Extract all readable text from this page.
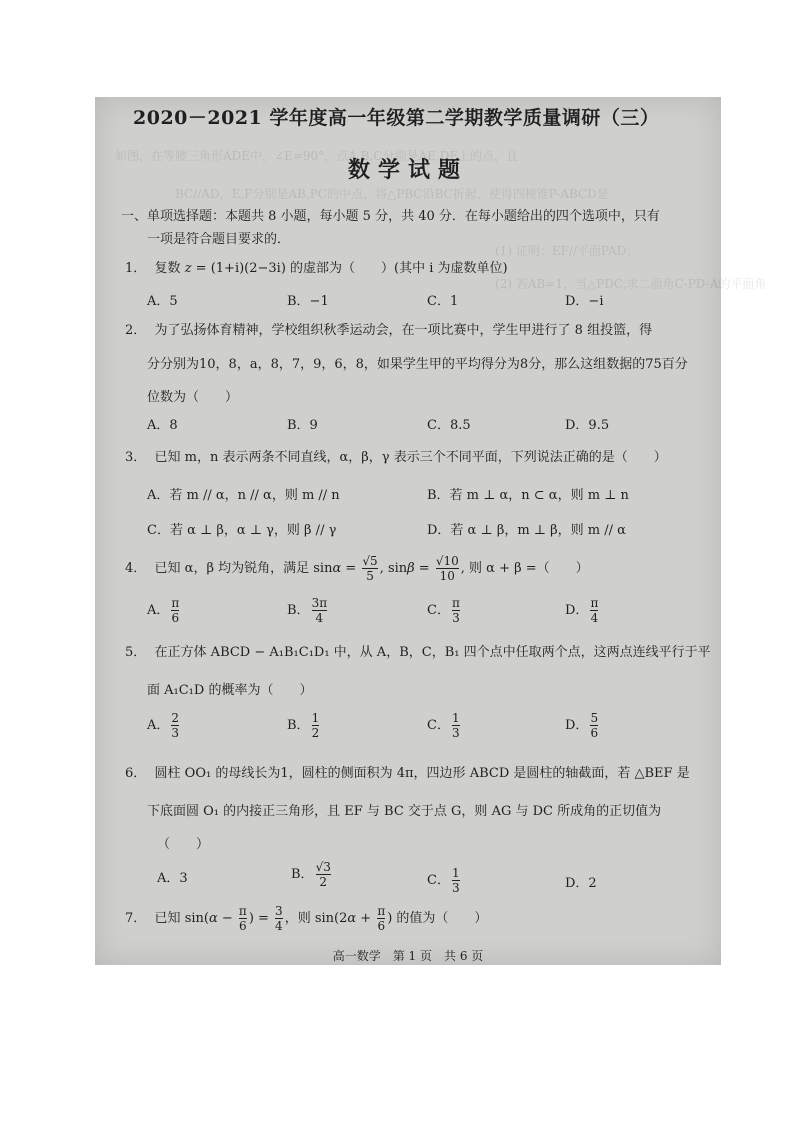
如图，在等腰三角形ADE中，∠E=90°，点A,B,C分别是AE,DE上的点，且
BC//AD，E,F分别是AB,PC的中点，将△PBC沿BC折起，使得四棱锥P-ABCD是
(1) 证明：EF//平面PAD；
(2) 若AB=1，当△PDC,求二面角C-PD-A的平面角
2020－2021 学年度高一年级第二学期教学质量调研（三）
数学试题
一、单项选择题：本题共 8 小题，每小题 5 分，共 40 分．在每小题给出的四个选项中，只有
一项是符合题目要求的．
1． 复数 z = (1+i)(2−3i) 的虚部为（　　）(其中 i 为虚数单位)
A．5	B．−1	C．1	D．−i
2． 为了弘扬体育精神，学校组织秋季运动会，在一项比赛中，学生甲进行了 8 组投篮，得
分分别为10，8，a，8，7，9，6，8，如果学生甲的平均得分为8分，那么这组数据的75百分
位数为（　　）
A．8	B．9	C．8.5	D．9.5
3． 已知 m，n 表示两条不同直线，α，β，γ 表示三个不同平面，下列说法正确的是（　　）
A．若 m // α，n // α，则 m // n	B．若 m ⊥ α，n ⊂ α，则 m ⊥ n
C．若 α ⊥ β，α ⊥ γ，则 β // γ	D．若 α ⊥ β，m ⊥ β，则 m // α
4． 已知 α，β 均为锐角，满足 $\sin\alpha = \frac{√5}{5}$ , $\sin\beta = \frac{√10}{10}$ , 则 α + β =（　　）
A． $\frac{\pi}{6}$	B． $\frac{3\pi}{4}$	C． $\frac{\pi}{3}$	D． $\frac{\pi}{4}$
5． 在正方体 ABCD − A₁B₁C₁D₁ 中，从 A，B，C，B₁ 四个点中任取两个点，这两点连线平行于平
面 A₁C₁D 的概率为（　　）
A． $\frac{2}{3}$	B． $\frac{1}{2}$	C． $\frac{1}{3}$	D． $\frac{5}{6}$
6． 圆柱 OO₁ 的母线长为1，圆柱的侧面积为 4π，四边形 ABCD 是圆柱的轴截面，若 △BEF 是
下底面圆 O₁ 的内接正三角形，且 EF 与 BC 交于点 G，则 AG 与 DC 所成角的正切值为
（　　）
A．3	B． $\frac{√3}{2}$	C． $\frac{1}{3}$	D．2
7． 已知 $\sin(\alpha - \frac{\pi}{6}$ ) = $\frac{3}{4}$ ，则 $\sin(2\alpha + \frac{\pi}{6}$ ) 的值为（　　）
高一数学　第 1 页　共 6 页
